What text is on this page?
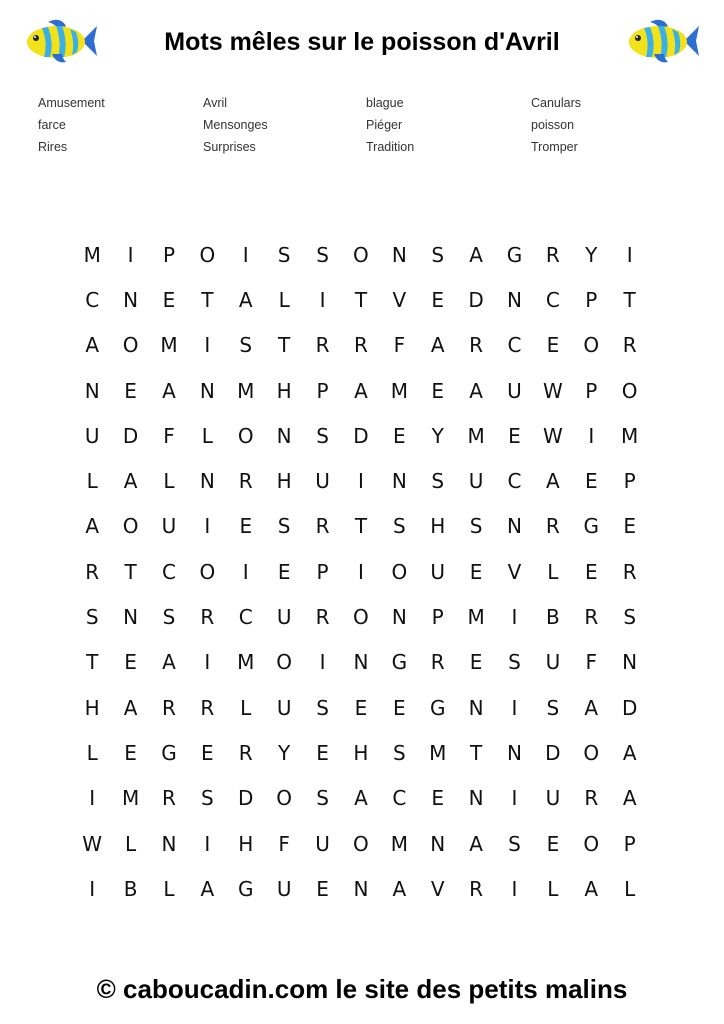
Mots mêles sur le poisson d'Avril
Amusement	Avril	blague	Canulars
farce	Mensonges	Piéger	poisson
Rires	Surprises	Tradition	Tromper
M	I	P	O	I	S	S	O	N	S	A	G	R	Y	I
C	N	E	T	A	L	I	T	V	E	D	N	C	P	T
A	O	M	I	S	T	R	R	F	A	R	C	E	O	R
N	E	A	N	M	H	P	A	M	E	A	U	W	P	O
U	D	F	L	O	N	S	D	E	Y	M	E	W	I	M
L	A	L	N	R	H	U	I	N	S	U	C	A	E	P
A	O	U	I	E	S	R	T	S	H	S	N	R	G	E
R	T	C	O	I	E	P	I	O	U	E	V	L	E	R
S	N	S	R	C	U	R	O	N	P	M	I	B	R	S
T	E	A	I	M	O	I	N	G	R	E	S	U	F	N
H	A	R	R	L	U	S	E	E	G	N	I	S	A	D
L	E	G	E	R	Y	E	H	S	M	T	N	D	O	A
I	M	R	S	D	O	S	A	C	E	N	I	U	R	A
W	L	N	I	H	F	U	O	M	N	A	S	E	O	P
I	B	L	A	G	U	E	N	A	V	R	I	L	A	L
© caboucadin.com le site des petits malins
